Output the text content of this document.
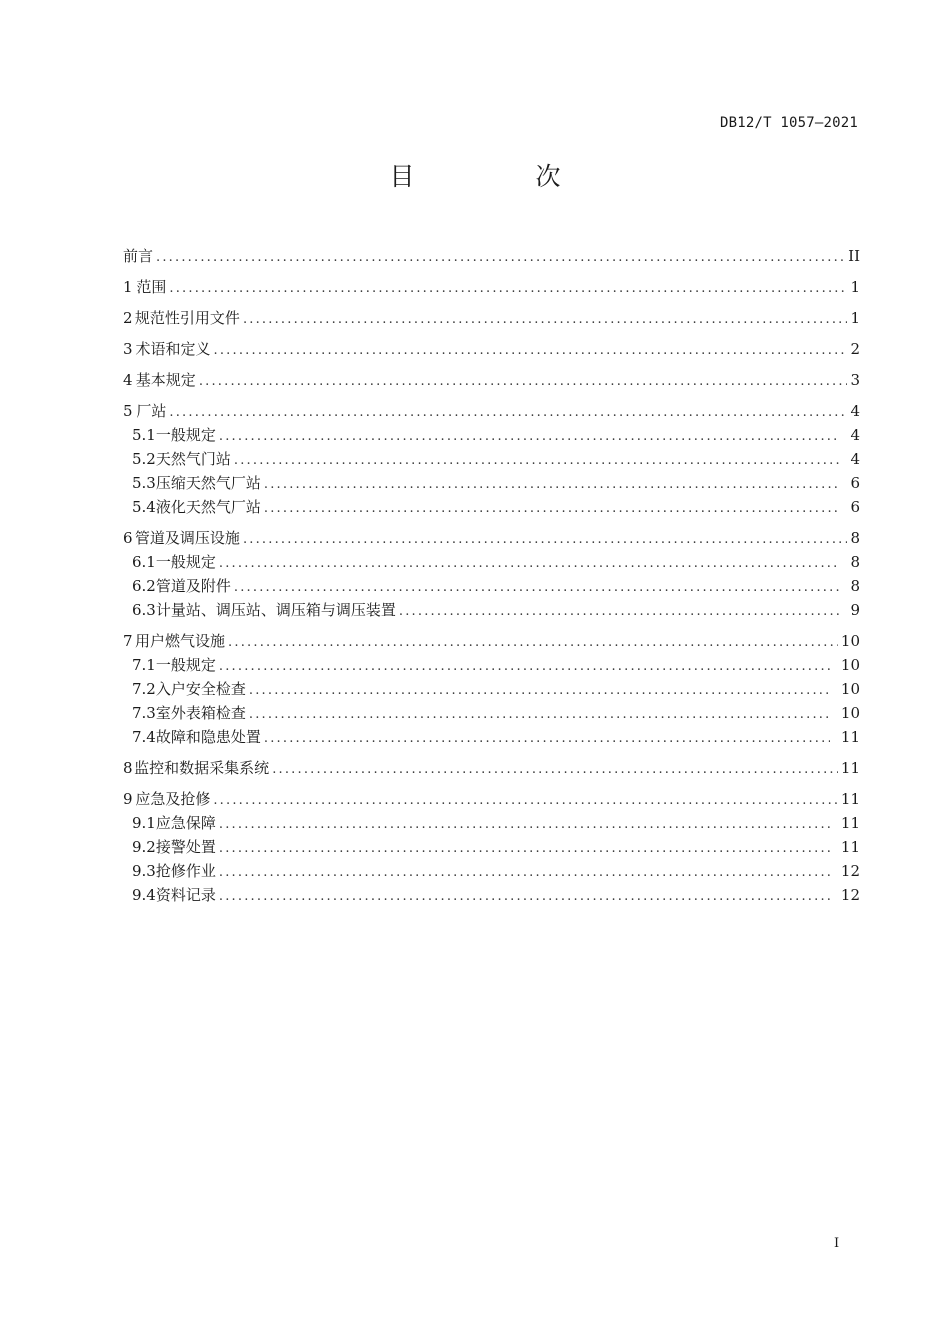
DB12/T 1057—2021
目　次
前言 .....	II
1 范围 .....	1
2 规范性引用文件 .....	1
3 术语和定义 .....	2
4 基本规定 .....	3
5 厂站 .....	4
5.1 一般规定 .....	4
5.2 天然气门站 .....	4
5.3 压缩天然气厂站 .....	6
5.4 液化天然气厂站 .....	6
6 管道及调压设施 .....	8
6.1 一般规定 .....	8
6.2 管道及附件 .....	8
6.3 计量站、调压站、调压箱与调压装置 .....	9
7 用户燃气设施 .....	10
7.1 一般规定 .....	10
7.2 入户安全检查 .....	10
7.3 室外表箱检查 .....	10
7.4 故障和隐患处置 .....	11
8 监控和数据采集系统 .....	11
9 应急及抢修 .....	11
9.1 应急保障 .....	11
9.2 接警处置 .....	11
9.3 抢修作业 .....	12
9.4 资料记录 .....	12
I
